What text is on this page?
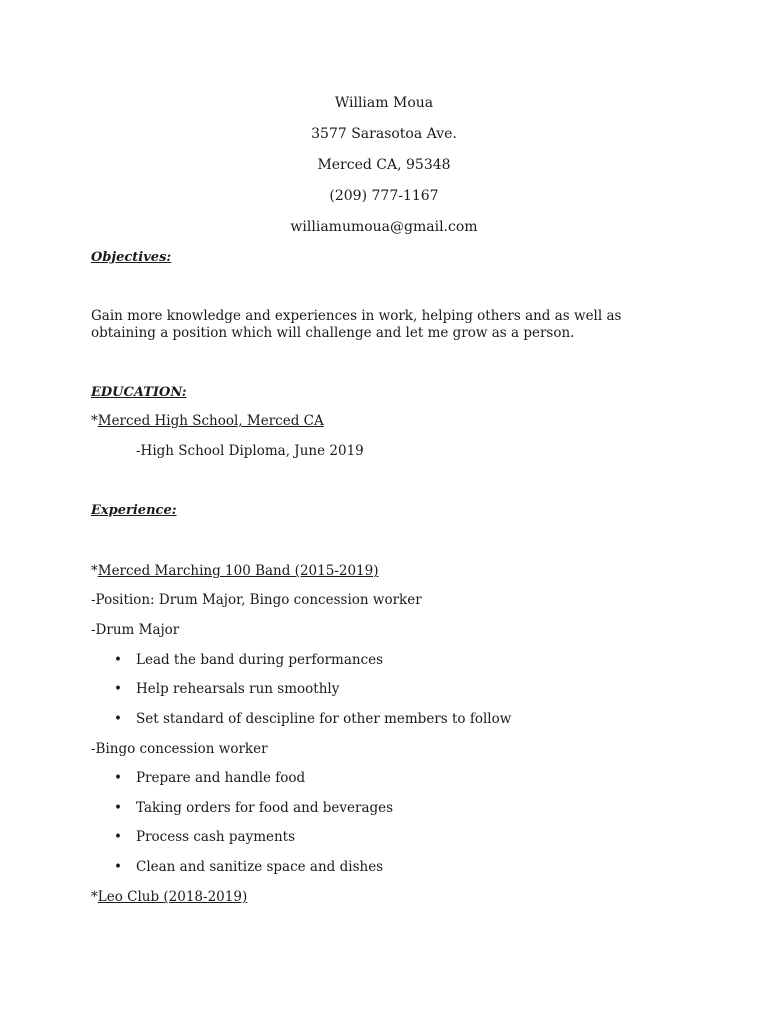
William Moua
3577 Sarasotoa Ave.
Merced CA, 95348
(209) 777-1167
williamumoua@gmail.com
Objectives:
Gain more knowledge and experiences in work, helping others and as well as obtaining a position which will challenge and let me grow as a person.
EDUCATION:
*Merced High School, Merced CA
-High School Diploma, June 2019
Experience:
*Merced Marching 100 Band (2015-2019)
-Position: Drum Major, Bingo concession worker
-Drum Major
• Lead the band during performances
• Help rehearsals run smoothly
• Set standard of descipline for other members to follow
-Bingo concession worker
• Prepare and handle food
• Taking orders for food and beverages
• Process cash payments
• Clean and sanitize space and dishes
*Leo Club (2018-2019)
